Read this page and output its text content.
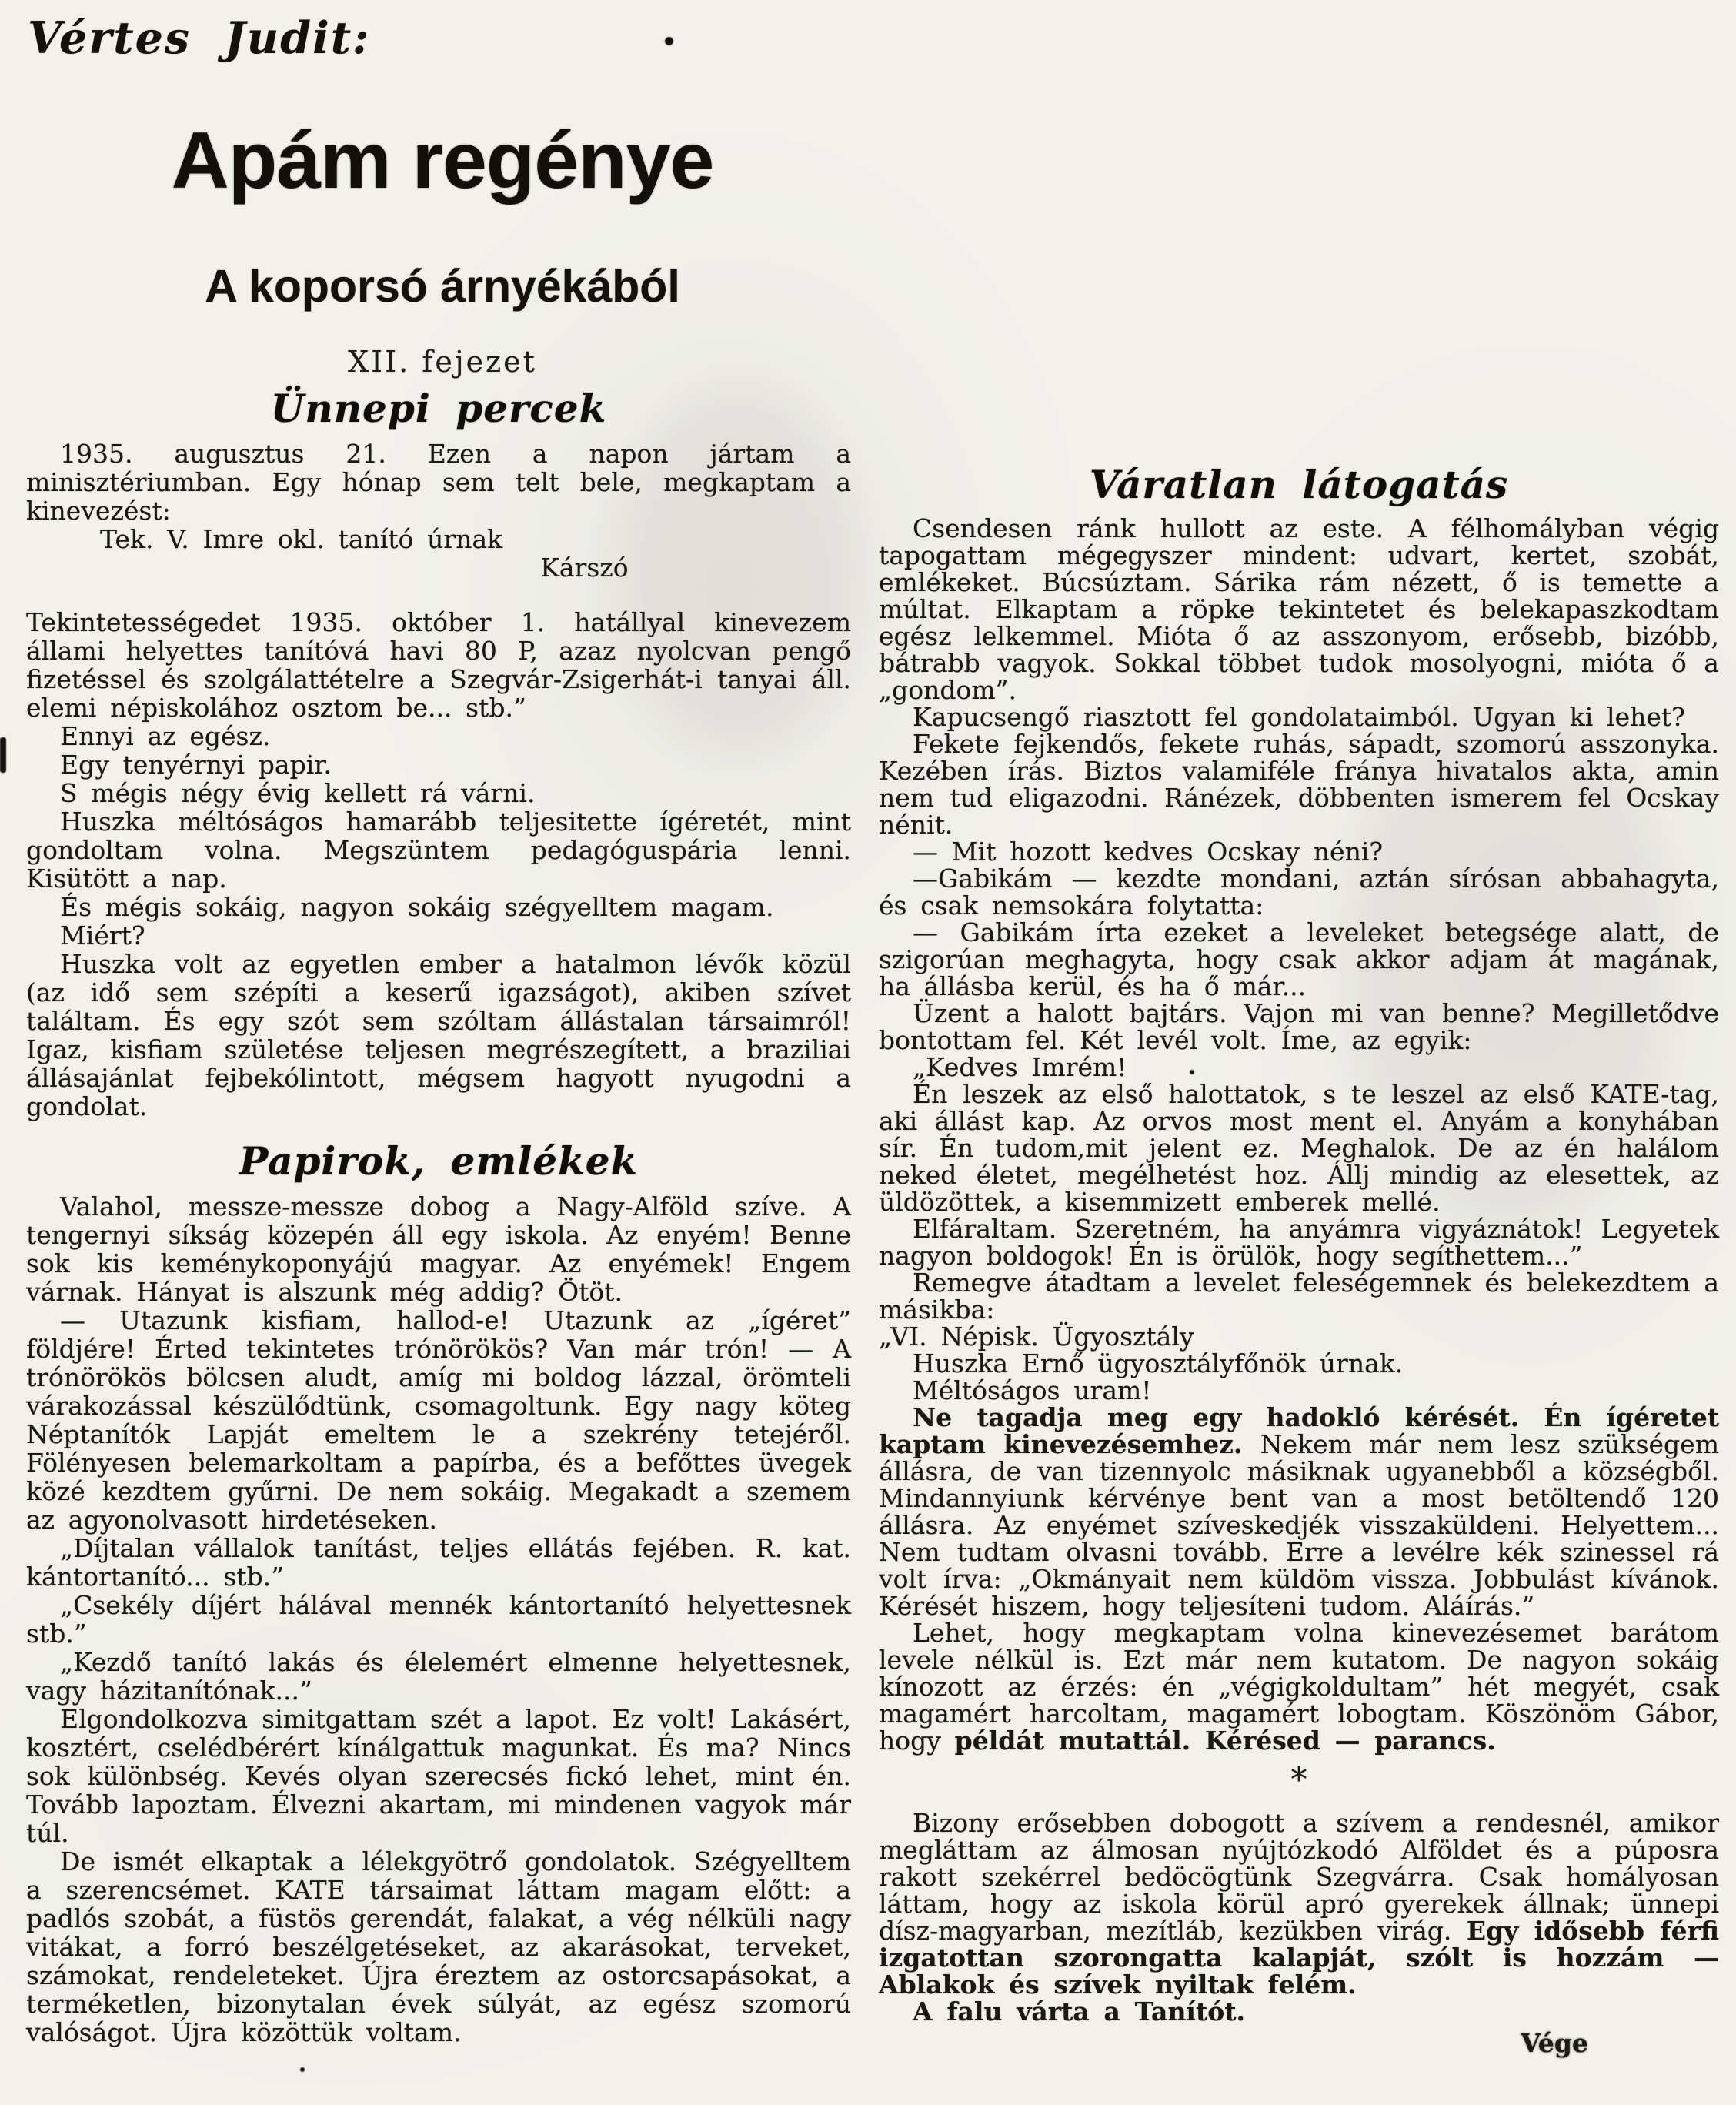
Vértes Judit:
Apám regénye
A koporsó árnyékából
XII. fejezet
Ünnepi percek

1935. augusztus 21. Ezen a napon jártam a minisztériumban. Egy hónap sem telt bele, megkaptam a kinevezést:

Tek. V. Imre okl. tanító úrnak

Kárszó

Tekintetességedet 1935. október 1. hatállyal kinevezem állami helyettes tanítóvá havi 80 P, azaz nyolcvan pengő fizetéssel és szolgálattételre a Szegvár-Zsigerhát-i tanyai áll. elemi népiskolához osztom be... stb.”

Ennyi az egész.

Egy tenyérnyi papir.

S mégis négy évig kellett rá várni.

Huszka méltóságos hamarább teljesitette ígéretét, mint gondoltam volna. Megszüntem pedagóguspária lenni. Kisütött a nap.

És mégis sokáig, nagyon sokáig szégyelltem magam.

Miért?

Huszka volt az egyetlen ember a hatalmon lévők közül (az idő sem szépíti a keserű igazságot), akiben szívet találtam. És egy szót sem szóltam állástalan társaimról! Igaz, kisfiam születése teljesen megrészegített, a braziliai állásajánlat fejbekólintott, mégsem hagyott nyugodni a gondolat.

Papirok, emlékek

Valahol, messze-messze dobog a Nagy-Alföld szíve. A tengernyi síkság közepén áll egy iskola. Az enyém! Benne sok kis keménykoponyájú magyar. Az enyémek! Engem várnak. Hányat is alszunk még addig? Ötöt.

— Utazunk kisfiam, hallod-e! Utazunk az „ígéret” földjére! Érted tekintetes trónörökös? Van már trón! — A trónörökös bölcsen aludt, amíg mi boldog lázzal, örömteli várakozással készülődtünk, csomagoltunk. Egy nagy köteg Néptanítók Lapját emeltem le a szekrény tetejéről. Fölényesen belemarkoltam a papírba, és a befőttes üvegek közé kezdtem gyűrni. De nem sokáig. Megakadt a szemem az agyonolvasott hirdetéseken.

„Díjtalan vállalok tanítást, teljes ellátás fejében. R. kat. kántortanító... stb.”

„Csekély díjért hálával mennék kántortanító helyettesnek stb.”

„Kezdő tanító lakás és élelemért elmenne helyettesnek, vagy házitanítónak...”

Elgondolkozva simitgattam szét a lapot. Ez volt! Lakásért, kosztért, cselédbérért kínálgattuk magunkat. És ma? Nincs sok különbség. Kevés olyan szerecsés fickó lehet, mint én. Tovább lapoztam. Élvezni akartam, mi mindenen vagyok már túl.

De ismét elkaptak a lélekgyötrő gondolatok. Szégyelltem a szerencsémet. KATE társaimat láttam magam előtt: a padlós szobát, a füstös gerendát, falakat, a vég nélküli nagy vitákat, a forró beszélgetéseket, az akarásokat, terveket, számokat, rendeleteket. Újra éreztem az ostorcsapásokat, a terméketlen, bizonytalan évek súlyát, az egész szomorú valóságot. Újra közöttük voltam.

Váratlan látogatás

Csendesen ránk hullott az este. A félhomályban végig tapogattam mégegyszer mindent: udvart, kertet, szobát, emlékeket. Búcsúztam. Sárika rám nézett, ő is temette a múltat. Elkaptam a röpke tekintetet és belekapaszkodtam egész lelkemmel. Mióta ő az asszonyom, erősebb, bizóbb, bátrabb vagyok. Sokkal többet tudok mosolyogni, mióta ő a „gondom”.

Kapucsengő riasztott fel gondolataimból. Ugyan ki lehet?

Fekete fejkendős, fekete ruhás, sápadt, szomorú asszonyka. Kezében írás. Biztos valamiféle fránya hivatalos akta, amin nem tud eligazodni. Ránézek, döbbenten ismerem fel Ocskay nénit.

— Mit hozott kedves Ocskay néni?

—Gabikám — kezdte mondani, aztán sírósan abbahagyta, és csak nemsokára folytatta:

— Gabikám írta ezeket a leveleket betegsége alatt, de szigorúan meghagyta, hogy csak akkor adjam át magának, ha állásba kerül, és ha ő már...

Üzent a halott bajtárs. Vajon mi van benne? Megilletődve bontottam fel. Két levél volt. Íme, az egyik:

„Kedves Imrém!

Én leszek az első halottatok, s te leszel az első KATE-tag, aki állást kap. Az orvos most ment el. Anyám a konyhában sír. Én tudom,mit jelent ez. Meghalok. De az én halálom neked életet, megélhetést hoz. Állj mindig az elesettek, az üldözöttek, a kisemmizett emberek mellé.

Elfáraltam. Szeretném, ha anyámra vigyáznátok! Legyetek nagyon boldogok! Én is örülök, hogy segíthettem...”

Remegve átadtam a levelet feleségemnek és belekezdtem a másikba:

„VI. Népisk. Ügyosztály

Huszka Ernő ügyosztályfőnök úrnak.

Méltóságos uram!

Ne tagadja meg egy hadokló kérését. Én ígéretet kaptam kinevezésemhez. Nekem már nem lesz szükségem állásra, de van tizennyolc másiknak ugyanebből a községből. Mindannyiunk kérvénye bent van a most betöltendő 120 állásra. Az enyémet szíveskedjék visszaküldeni. Helyettem... Nem tudtam olvasni tovább. Erre a levélre kék szinessel rá volt írva: „Okmányait nem küldöm vissza. Jobbulást kívánok. Kérését hiszem, hogy teljesíteni tudom. Aláírás.”

Lehet, hogy megkaptam volna kinevezésemet barátom levele nélkül is. Ezt már nem kutatom. De nagyon sokáig kínozott az érzés: én „végigkoldultam” hét megyét, csak magamért harcoltam, magamért lobogtam. Köszönöm Gábor, hogy példát mutattál. Kérésed — parancs.

*

Bizony erősebben dobogott a szívem a rendesnél, amikor megláttam az álmosan nyújtózkodó Alföldet és a púposra rakott szekérrel bedöcögtünk Szegvárra. Csak homályosan láttam, hogy az iskola körül apró gyerekek állnak; ünnepi dísz-magyarban, mezítláb, kezükben virág. Egy idősebb férfi izgatottan szorongatta kalapját, szólt is hozzám — Ablakok és szívek nyiltak felém.

A falu várta a Tanítót.

Vége
